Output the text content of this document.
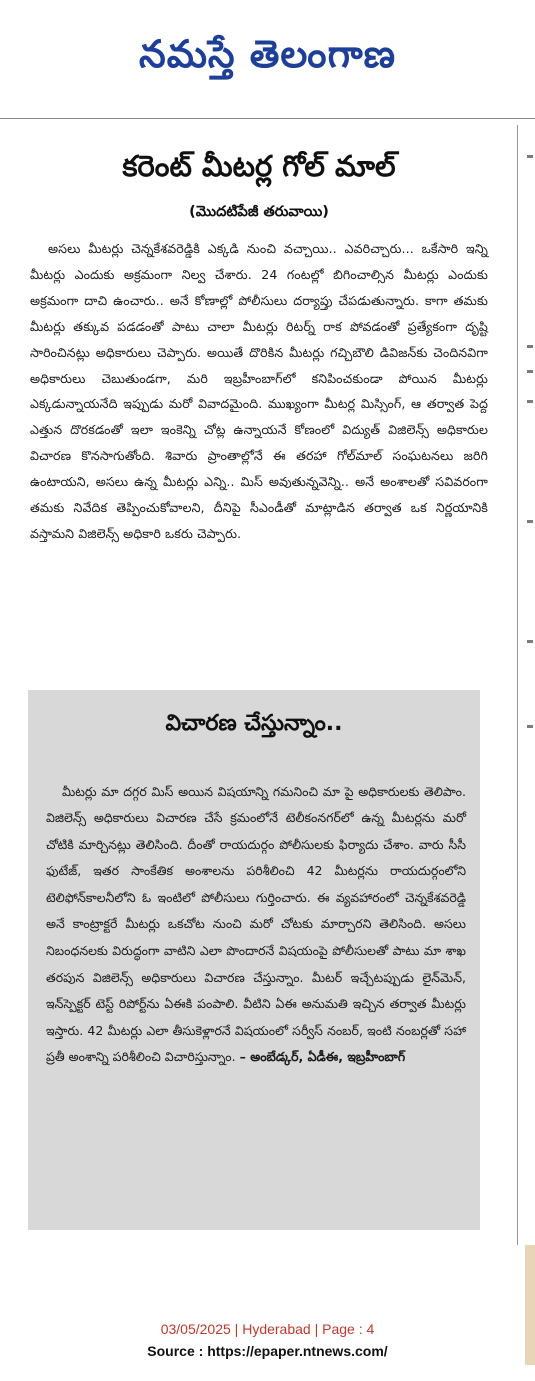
నమస్తే తెలంగాణ
కరెంట్ మీటర్ల గోల్ మాల్
(మొదటిపేజీ తరువాయి)

అసలు మీటర్లు చెన్నకేశవరెడ్డికి ఎక్కడి నుంచి వచ్చాయి.. ఎవరిచ్చారు... ఒకేసారి ఇన్ని మీటర్లు ఎందుకు అక్రమంగా నిల్వ చేశారు. 24 గంటల్లో బిగించాల్సిన మీటర్లు ఎందుకు అక్రమంగా దాచి ఉంచారు.. అనే కోణాల్లో పోలీసులు దర్యాప్తు చేపడుతున్నారు. కాగా తమకు మీటర్లు తక్కువ పడడంతో పాటు చాలా మీటర్లు రిటర్న్ రాక పోవడంతో ప్రత్యేకంగా దృష్టి సారించినట్లు అధికారులు చెప్పారు. అయితే దొరికిన మీటర్లు గచ్చిబౌలి డివిజన్‌కు చెందినవిగా అధికారులు చెబుతుండగా, మరి ఇబ్రహీంబాగ్‌లో కనిపించకుండా పోయిన మీటర్లు ఎక్కడున్నాయనేది ఇప్పుడు మరో వివాదమైంది. ముఖ్యంగా మీటర్ల మిస్సింగ్, ఆ తర్వాత పెద్ద ఎత్తున దొరకడంతో ఇలా ఇంకెన్ని చోట్ల ఉన్నాయనే కోణంలో విద్యుత్ విజిలెన్స్ అధికారుల విచారణ కొనసాగుతోంది. శివారు ప్రాంతాల్లోనే ఈ తరహా గోల్‌మాల్ సంఘటనలు జరిగి ఉంటాయని, అసలు ఉన్న మీటర్లు ఎన్ని.. మిస్ అవుతున్నవెన్ని.. అనే అంశాలతో సవివరంగా తమకు నివేదిక తెప్పించుకోవాలని, దీనిపై సీఎండీతో మాట్లాడిన తర్వాత ఒక నిర్ణయానికి వస్తామని విజిలెన్స్ అధికారి ఒకరు చెప్పారు.

విచారణ చేస్తున్నాం..

మీటర్లు మా దగ్గర మిస్ అయిన విషయాన్ని గమనించి మా పై అధికారులకు తెలిపాం. విజిలెన్స్ అధికారులు విచారణ చేసే క్రమంలోనే టెలీకంనగర్‌లో ఉన్న మీటర్లను మరో చోటికి మార్చినట్లు తెలిసింది. దీంతో రాయదుర్గం పోలీసులకు ఫిర్యాదు చేశాం. వారు సీసీ ఫుటేజ్, ఇతర సాంకేతిక అంశాలను పరిశీలించి 42 మీటర్లను రాయదుర్గంలోని టెలిఫోన్‌కాలనీలోని ఓ ఇంటిలో పోలీసులు గుర్తించారు. ఈ వ్యవహారంలో చెన్నకేశవరెడ్డి అనే కాంట్రాక్టరే మీటర్లు ఒకచోట నుంచి మరో చోటకు మార్చారని తెలిసింది. అసలు నిబంధనలకు విరుద్ధంగా వాటిని ఎలా పొందారనే విషయంపై పోలీసులతో పాటు మా శాఖ తరపున విజిలెన్స్ అధికారులు విచారణ చేస్తున్నాం. మీటర్ ఇచ్చేటప్పుడు లైన్‌మెన్, ఇన్‌స్పెక్టర్ టెస్ట్ రిపోర్ట్‌ను ఏఈకి పంపాలి. వీటిని ఏఈ అనుమతి ఇచ్చిన తర్వాత మీటర్లు ఇస్తారు. 42 మీటర్లు ఎలా తీసుకెళ్లారనే విషయంలో సర్వీస్ నంబర్, ఇంటి నంబర్లతో సహా ప్రతీ అంశాన్ని పరిశీలించి విచారిస్తున్నాం. – అంబేడ్కర్, ఏడీఈ, ఇబ్రహీంబాగ్

03/05/2025 | Hyderabad | Page : 4
Source : https://epaper.ntnews.com/
